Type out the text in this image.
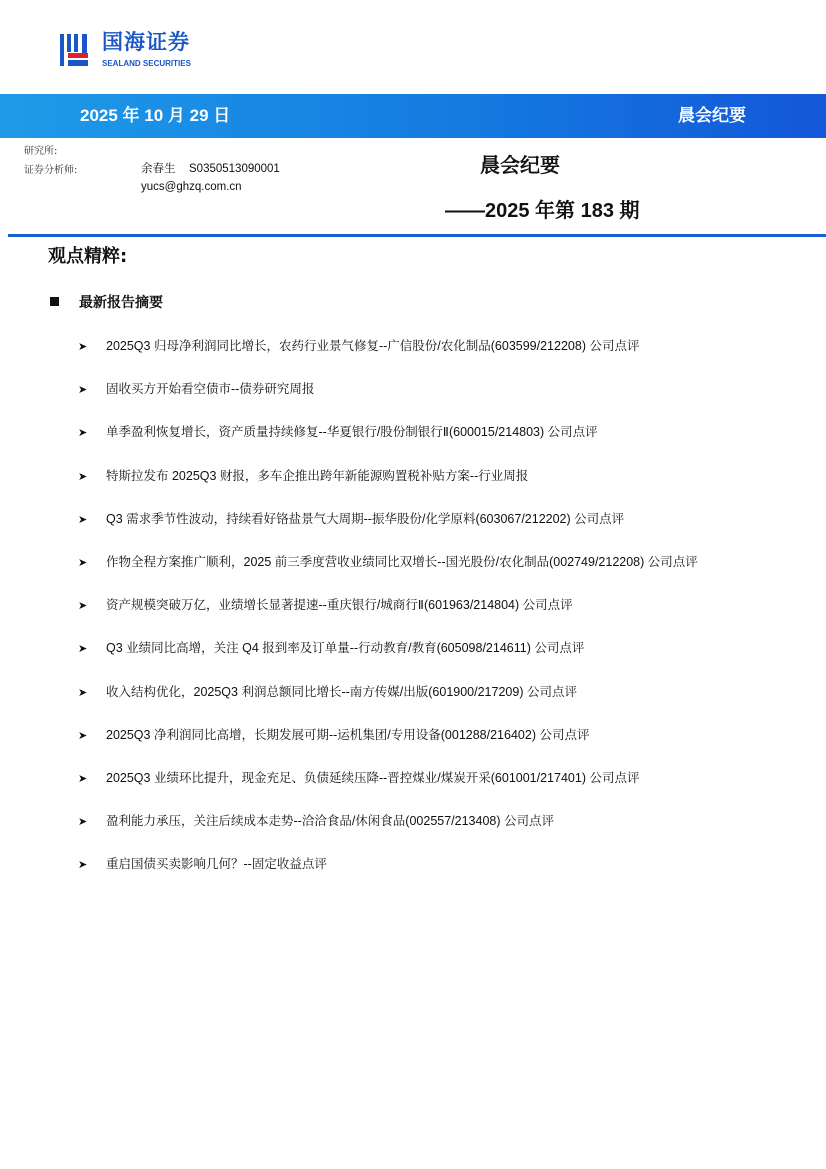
国海证券
SEALAND SECURITIES
2025 年 10 月 29 日	晨会纪要
研究所:
证券分析师:	余春生 S0350513090001
yucs@ghzq.com.cn
晨会纪要
——2025 年第 183 期
观点精粹:
最新报告摘要
➤ 2025Q3 归母净利润同比增长，农药行业景气修复--广信股份/农化制品(603599/212208) 公司点评
➤ 固收买方开始看空债市--债券研究周报
➤ 单季盈利恢复增长，资产质量持续修复--华夏银行/股份制银行Ⅱ(600015/214803) 公司点评
➤ 特斯拉发布 2025Q3 财报，多车企推出跨年新能源购置税补贴方案--行业周报
➤ Q3 需求季节性波动，持续看好铬盐景气大周期--振华股份/化学原料(603067/212202) 公司点评
➤ 作物全程方案推广顺利，2025 前三季度营收业绩同比双增长--国光股份/农化制品(002749/212208) 公司点评
➤ 资产规模突破万亿，业绩增长显著提速--重庆银行/城商行Ⅱ(601963/214804) 公司点评
➤ Q3 业绩同比高增，关注 Q4 报到率及订单量--行动教育/教育(605098/214611) 公司点评
➤ 收入结构优化，2025Q3 利润总额同比增长--南方传媒/出版(601900/217209) 公司点评
➤ 2025Q3 净利润同比高增，长期发展可期--运机集团/专用设备(001288/216402) 公司点评
➤ 2025Q3 业绩环比提升，现金充足、负债延续压降--晋控煤业/煤炭开采(601001/217401) 公司点评
➤ 盈利能力承压，关注后续成本走势--洽洽食品/休闲食品(002557/213408) 公司点评
➤ 重启国债买卖影响几何？--固定收益点评
